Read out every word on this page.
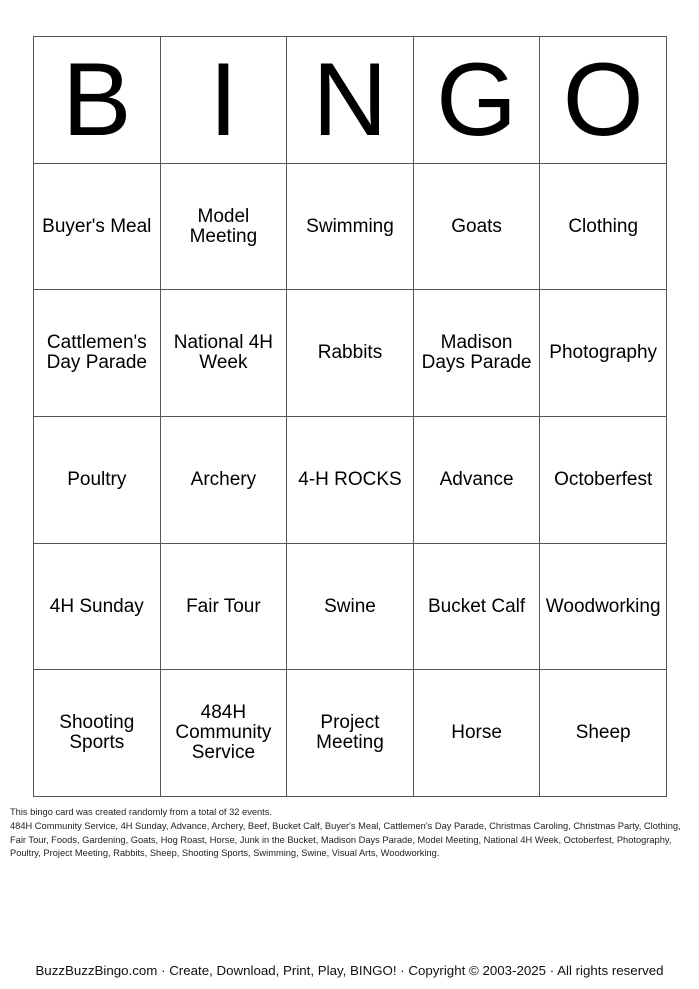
B	I	N	G	O
Buyer's Meal	Model Meeting	Swimming	Goats	Clothing
Cattlemen's Day Parade	National 4H Week	Rabbits	Madison Days Parade	Photography
Poultry	Archery	4-H ROCKS	Advance	Octoberfest
4H Sunday	Fair Tour	Swine	Bucket Calf	Woodworking
Shooting Sports	484H Community Service	Project Meeting	Horse	Sheep
This bingo card was created randomly from a total of 32 events.
484H Community Service, 4H Sunday, Advance, Archery, Beef, Bucket Calf, Buyer's Meal, Cattlemen's Day Parade, Christmas Caroling, Christmas Party, Clothing, Fair Tour, Foods, Gardening, Goats, Hog Roast, Horse, Junk in the Bucket, Madison Days Parade, Model Meeting, National 4H Week, Octoberfest, Photography, Poultry, Project Meeting, Rabbits, Sheep, Shooting Sports, Swimming, Swine, Visual Arts, Woodworking.
BuzzBuzzBingo.com · Create, Download, Print, Play, BINGO! · Copyright © 2003-2025 · All rights reserved
